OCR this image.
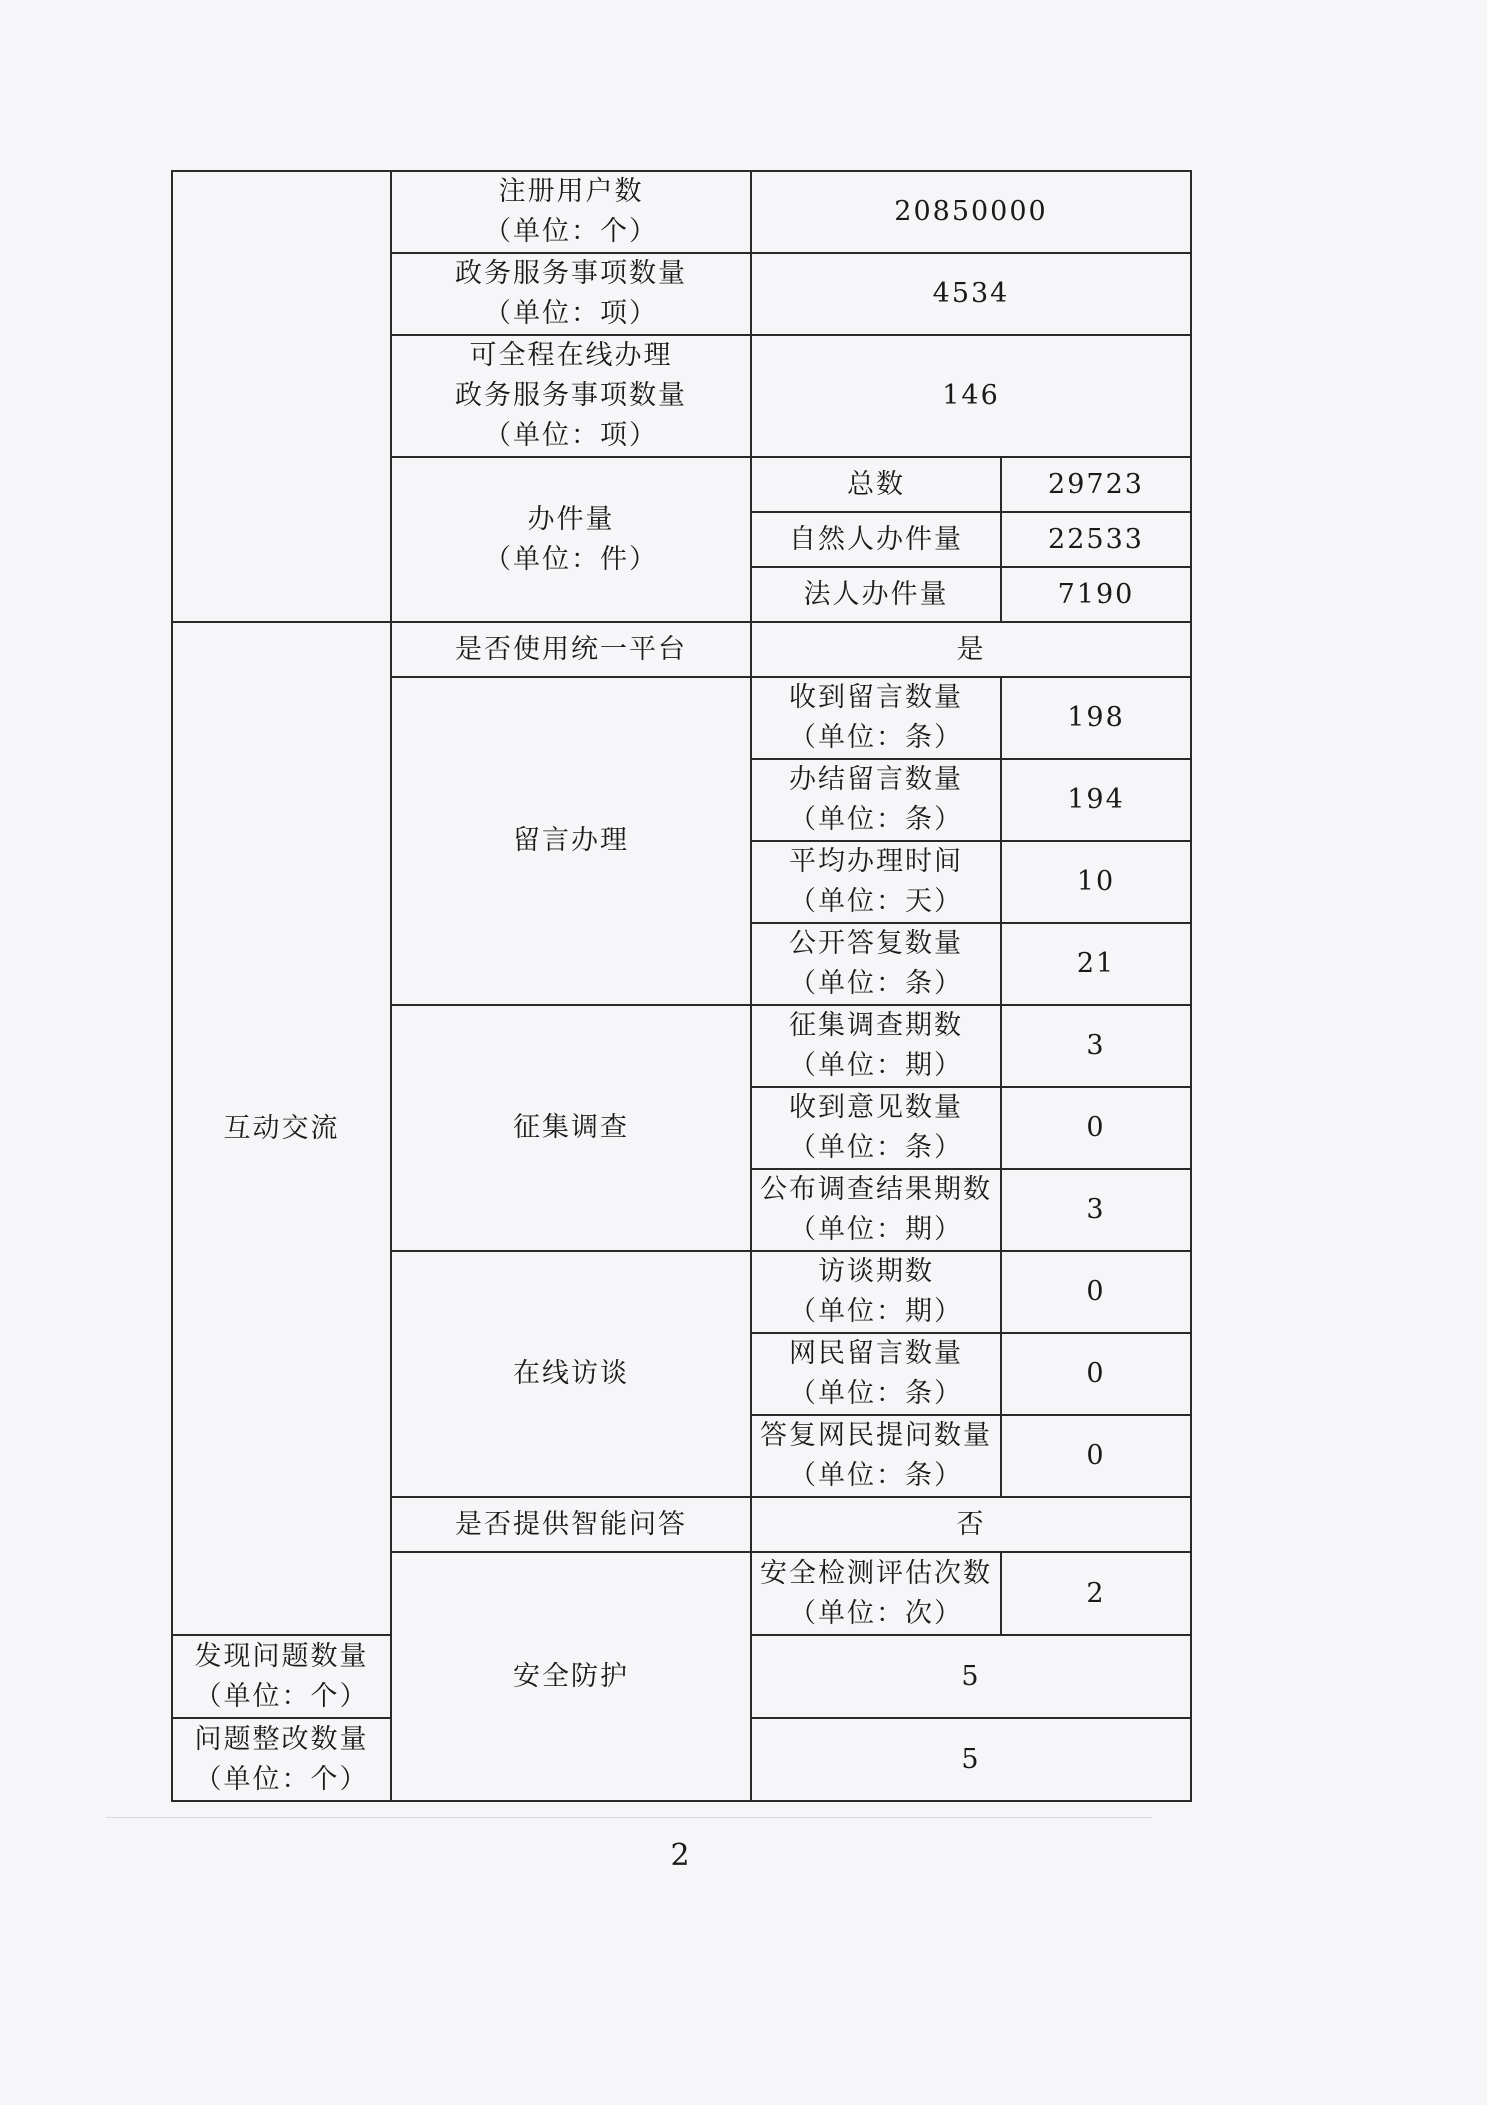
	注册用户数
（单位：个）	20850000	

	政务服务事项数量
（单位：项）	4534	

	可全程在线办理
政务服务事项数量
（单位：项）	146	

	办件量
（单位：件）	总数	29723
		自然人办件量	22533
		法人办件量	7190
互动交流	是否使用统一平台	是	
	留言办理	收到留言数量
（单位：条）	198

		办结留言数量
（单位：条）	194

		平均办理时间
（单位：天）	10

		公开答复数量
（单位：条）	21
	征集调查	征集调查期数
（单位：期）	3

		收到意见数量
（单位：条）	0

		公布调查结果期数
（单位：期）	3
	在线访谈	访谈期数
（单位：期）	0

		网民留言数量
（单位：条）	0

		答复网民提问数量
（单位：条）	0
	是否提供智能问答	否	
	安全防护	安全检测评估次数
（单位：次）	2

发现问题数量
（单位：个）		5	

问题整改数量
（单位：个）		5	
2
